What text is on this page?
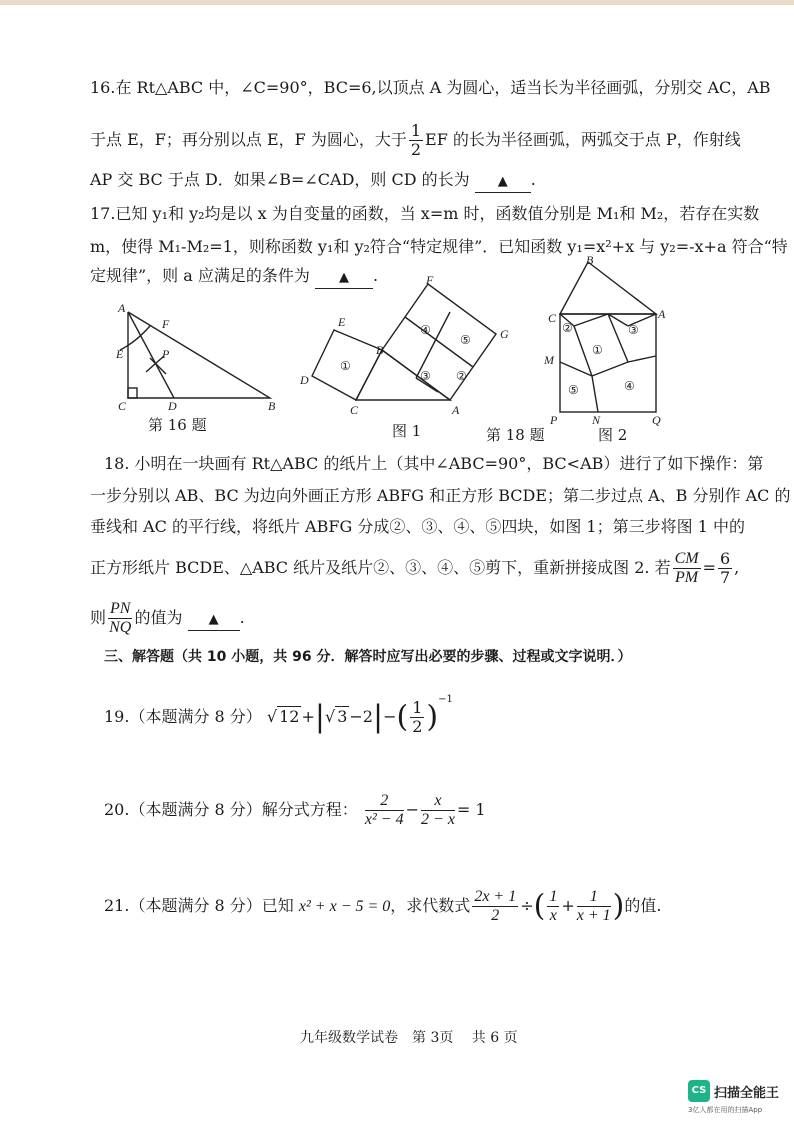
16.在 Rt△ABC 中，∠C=90°，BC=6,以顶点 A 为圆心，适当长为半径画弧，分别交 AC，AB
于点 E，F；再分别以点 E，F 为圆心，大于 $\frac{1}{2}$ EF 的长为半径画弧，两弧交于点 P，作射线
AP 交 BC 于点 D．如果∠B=∠CAD，则 CD 的长为 ▲ .
17.已知 y₁和 y₂均是以 x 为自变量的函数，当 x=m 时，函数值分别是 M₁和 M₂，若存在实数
m，使得 M₁-M₂=1，则称函数 y₁和 y₂符合“特定规律”．已知函数 y₁=x²+x 与 y₂=-x+a 符合“特
定规律”，则 a 应满足的条件为 ▲ .
A
F
E	P
C	D	B
第 16 题
E
D
B
F
G
C	A
①
④
⑤
③ ②
图 1	第 18 题
B
C	A
M
P	N	Q
②	③
①
⑤	④
图 2
18. 小明在一块画有 Rt△ABC 的纸片上（其中∠ABC=90°，BC<AB）进行了如下操作：第
一步分别以 AB、BC 为边向外画正方形 ABFG 和正方形 BCDE；第二步过点 A、B 分别作 AC 的
垂线和 AC 的平行线，将纸片 ABFG 分成②、③、④、⑤四块，如图 1；第三步将图 1 中的
正方形纸片 BCDE、△ABC 纸片及纸片②、③、④、⑤剪下，重新拼接成图 2. 若 $\frac{CM}{PM} = \frac{6}{7}$ ,
则 $\frac{PN}{NQ}$ 的值为 ▲ .
三、解答题（共 10 小题，共 96 分．解答时应写出必要的步骤、过程或文字说明．）
19.（本题满分 8 分） √ 12 +|√ $3 -2|-( \frac{1}{2} )^{-1}$
20.（本题满分 8 分）解分式方程： $\frac{2}{\text{x² − 4}} - \frac{x}{2 - x} = 1$
21.（本题满分 8 分）已知 x² + x − 5 = 0，求代数式 $\frac{2x + 1}{2}$ ÷( $\frac{1}{x} + \frac{1}{x + 1}$ )的值.
九年级数学试卷　第 3页　 共 6 页
CS 扫描全能王
3亿人都在用的扫描App
